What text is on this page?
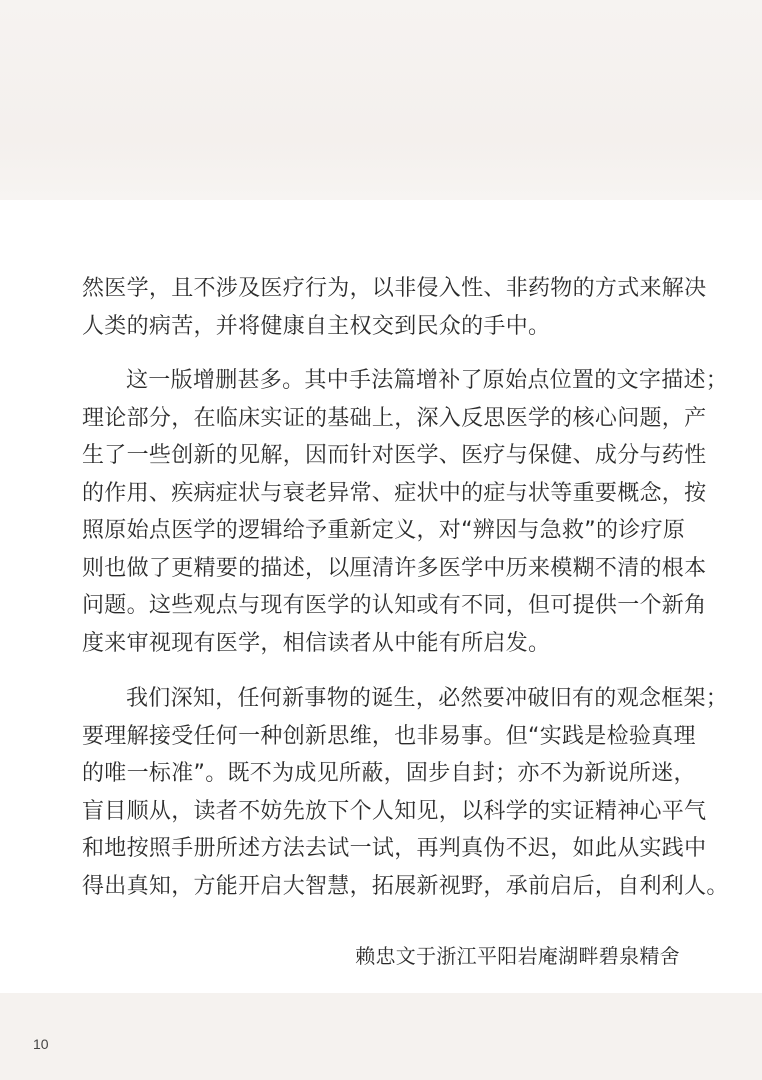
然医学，且不涉及医疗行为，以非侵入性、非药物的方式来解决
人类的病苦，并将健康自主权交到民众的手中。

这一版增删甚多。其中手法篇增补了原始点位置的文字描述；
理论部分，在临床实证的基础上，深入反思医学的核心问题，产
生了一些创新的见解，因而针对医学、医疗与保健、成分与药性
的作用、疾病症状与衰老异常、症状中的症与状等重要概念，按
照原始点医学的逻辑给予重新定义，对“辨因与急救”的诊疗原
则也做了更精要的描述，以厘清许多医学中历来模糊不清的根本
问题。这些观点与现有医学的认知或有不同，但可提供一个新角
度来审视现有医学，相信读者从中能有所启发。

我们深知，任何新事物的诞生，必然要冲破旧有的观念框架；
要理解接受任何一种创新思维，也非易事。但“实践是检验真理
的唯一标准”。既不为成见所蔽，固步自封；亦不为新说所迷，
盲目顺从，读者不妨先放下个人知见，以科学的实证精神心平气
和地按照手册所述方法去试一试，再判真伪不迟，如此从实践中
得出真知，方能开启大智慧，拓展新视野，承前启后，自利利人。

赖忠文于浙江平阳岩庵湖畔碧泉精舍
10
